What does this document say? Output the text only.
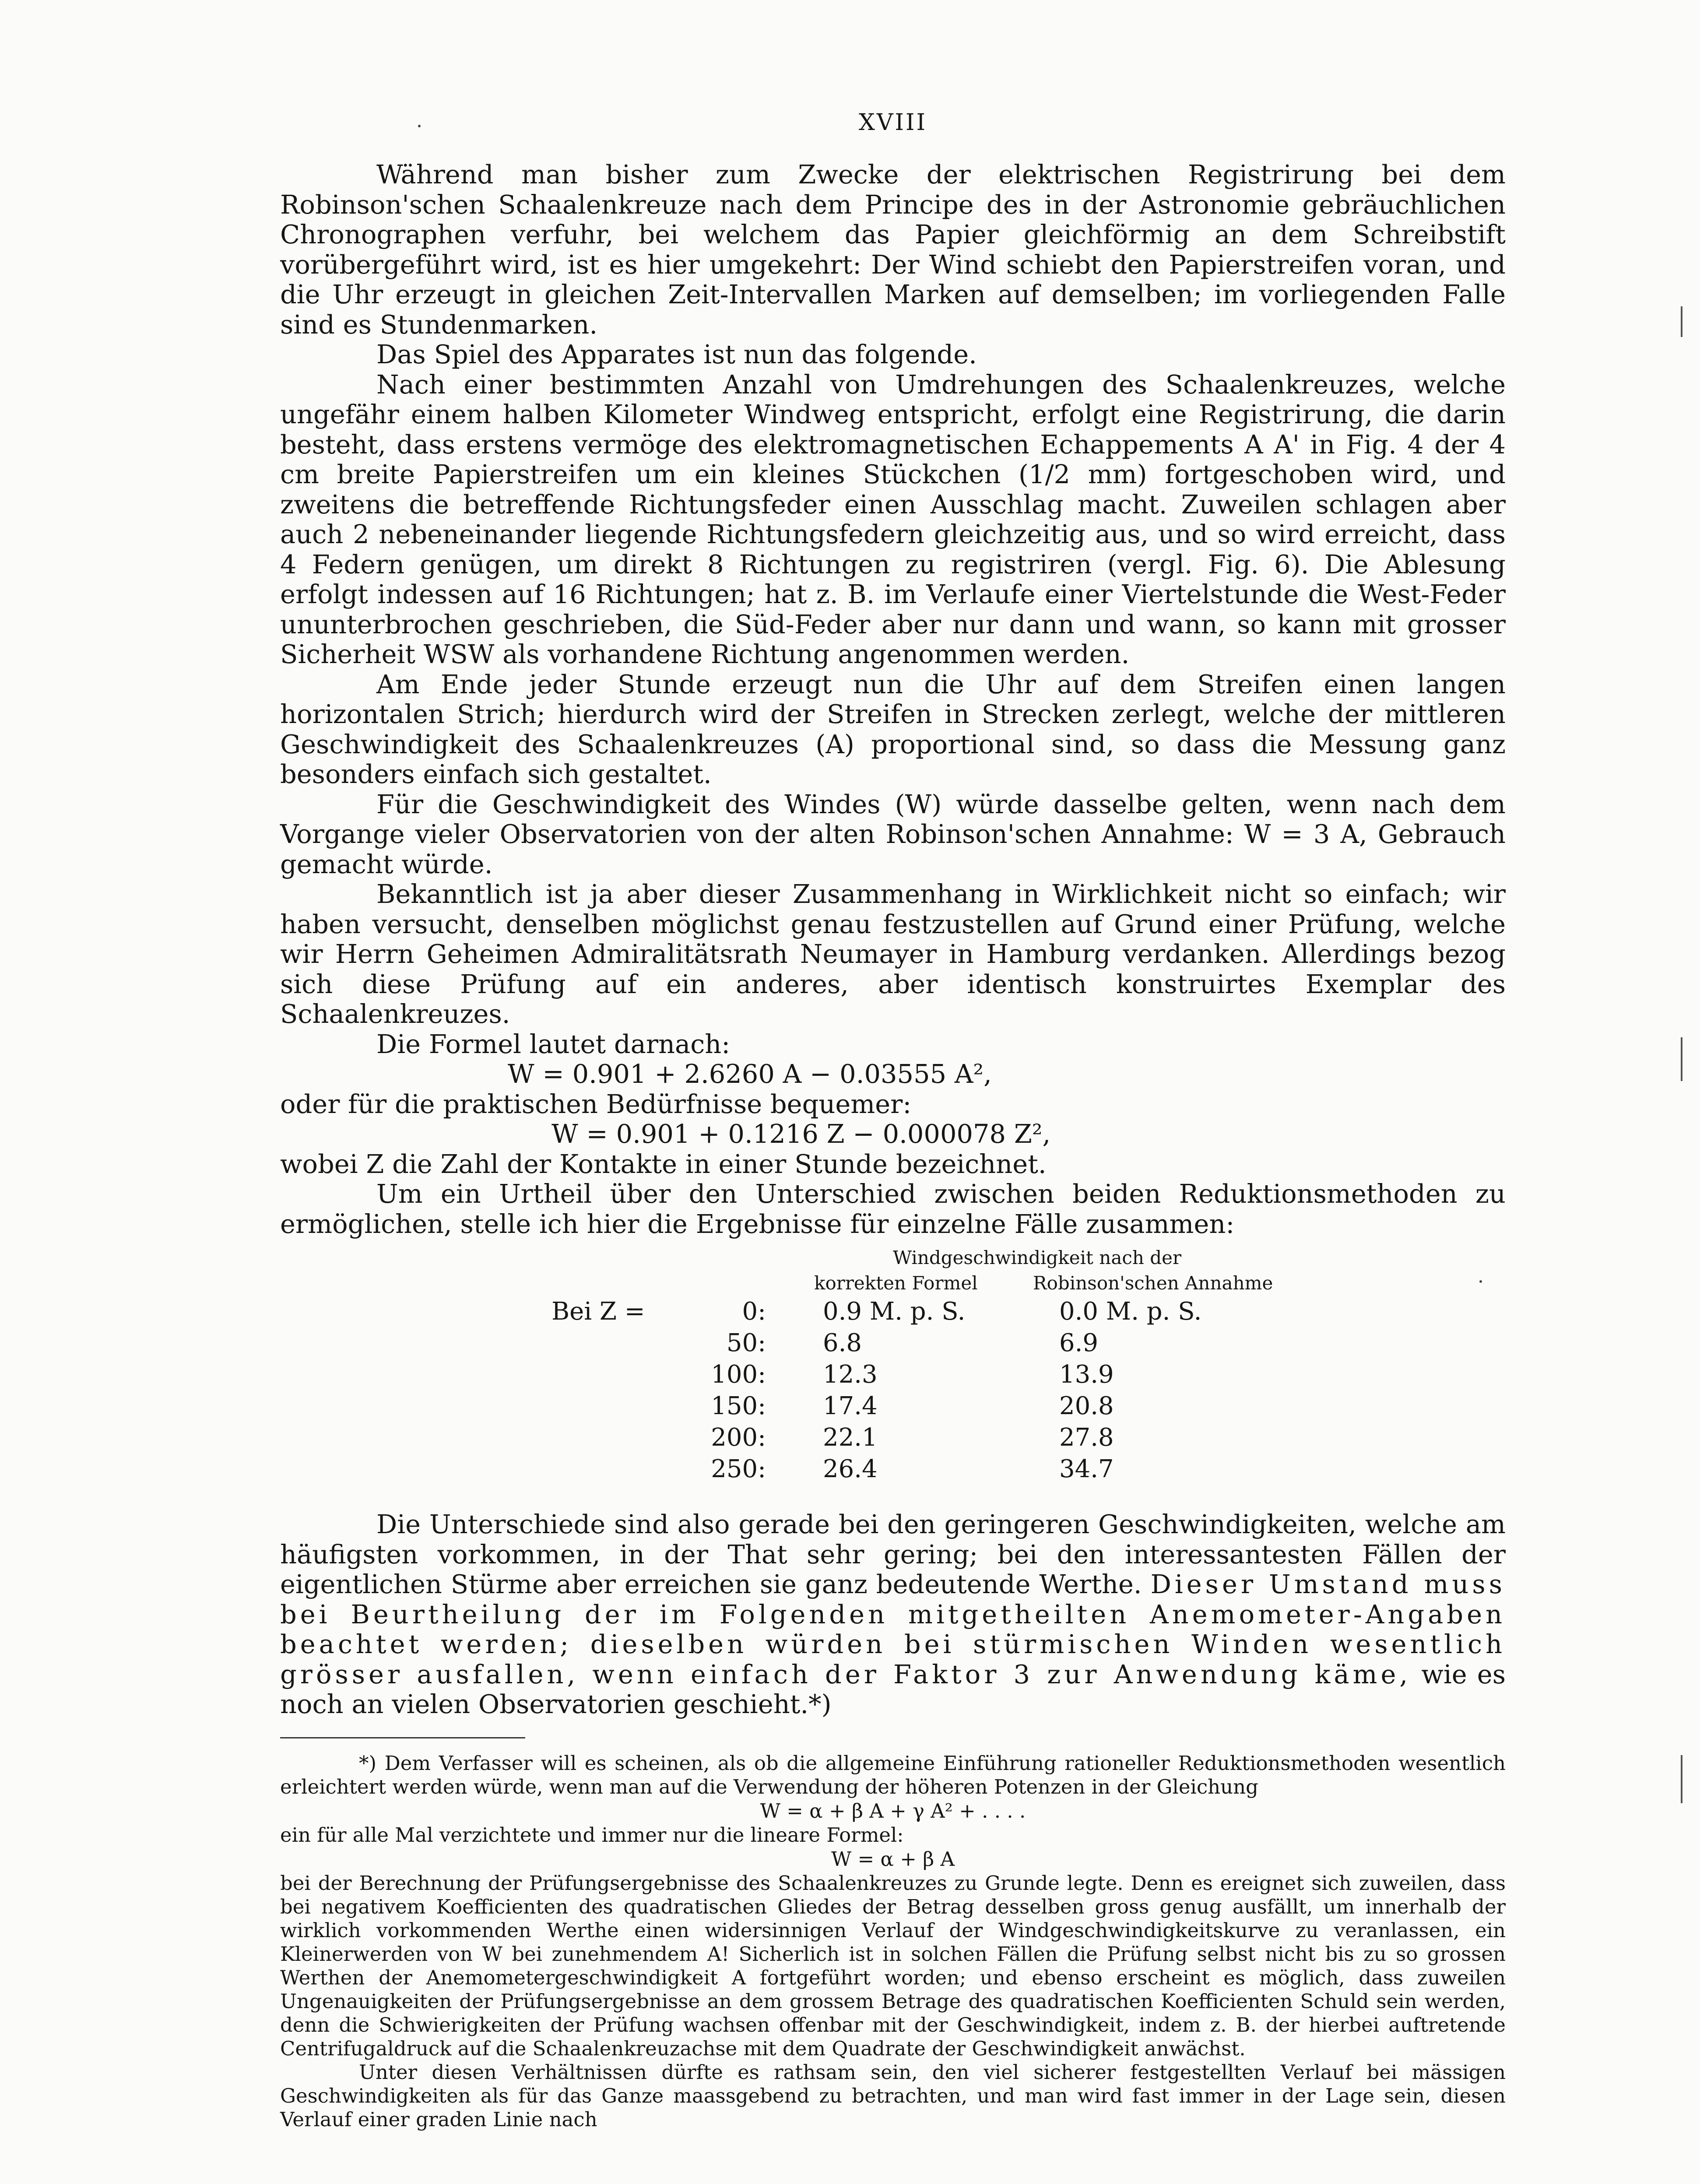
XVIII

Während man bisher zum Zwecke der elektrischen Registrirung bei dem Robinson'schen Schaalenkreuze nach dem Principe des in der Astronomie gebräuchlichen Chronographen verfuhr, bei welchem das Papier gleichförmig an dem Schreibstift vorübergeführt wird, ist es hier umgekehrt: Der Wind schiebt den Papierstreifen voran, und die Uhr erzeugt in gleichen Zeit-Intervallen Marken auf demselben; im vorliegenden Falle sind es Stundenmarken.

Das Spiel des Apparates ist nun das folgende.

Nach einer bestimmten Anzahl von Umdrehungen des Schaalenkreuzes, welche ungefähr einem halben Kilometer Windweg entspricht, erfolgt eine Registrirung, die darin besteht, dass erstens vermöge des elektromagnetischen Echappements A A' in Fig. 4 der 4 cm breite Papierstreifen um ein kleines Stückchen (1/2 mm) fortgeschoben wird, und zweitens die betreffende Richtungsfeder einen Ausschlag macht. Zuweilen schlagen aber auch 2 nebeneinander liegende Richtungsfedern gleichzeitig aus, und so wird erreicht, dass 4 Federn genügen, um direkt 8 Richtungen zu registriren (vergl. Fig. 6). Die Ablesung erfolgt indessen auf 16 Richtungen; hat z. B. im Verlaufe einer Viertelstunde die West-Feder ununterbrochen geschrieben, die Süd-Feder aber nur dann und wann, so kann mit grosser Sicherheit WSW als vorhandene Richtung angenommen werden.

Am Ende jeder Stunde erzeugt nun die Uhr auf dem Streifen einen langen horizontalen Strich; hierdurch wird der Streifen in Strecken zerlegt, welche der mittleren Geschwindigkeit des Schaalenkreuzes (A) proportional sind, so dass die Messung ganz besonders einfach sich gestaltet.

Für die Geschwindigkeit des Windes (W) würde dasselbe gelten, wenn nach dem Vorgange vieler Observatorien von der alten Robinson'schen Annahme: W = 3 A, Gebrauch gemacht würde.

Bekanntlich ist ja aber dieser Zusammenhang in Wirklichkeit nicht so einfach; wir haben versucht, denselben möglichst genau festzustellen auf Grund einer Prüfung, welche wir Herrn Geheimen Admiralitätsrath Neumayer in Hamburg verdanken. Allerdings bezog sich diese Prüfung auf ein anderes, aber identisch konstruirtes Exemplar des Schaalenkreuzes.

Die Formel lautet darnach:

W = 0.901 + 2.6260 A − 0.03555 A²,

oder für die praktischen Bedürfnisse bequemer:

W = 0.901 + 0.1216 Z − 0.000078 Z²,

wobei Z die Zahl der Kontakte in einer Stunde bezeichnet.

Um ein Urtheil über den Unterschied zwischen beiden Reduktionsmethoden zu ermöglichen, stelle ich hier die Ergebnisse für einzelne Fälle zusammen:

Windgeschwindigkeit nach der
korrekten Formel	Robinson'schen Annahme
Bei Z =	0: 0.9 M. p. S.	0.0 M. p. S.
50: 6.8	6.9
100: 12.3	13.9
150: 17.4	20.8
200: 22.1	27.8
250: 26.4	34.7

Die Unterschiede sind also gerade bei den geringeren Geschwindigkeiten, welche am häufigsten vorkommen, in der That sehr gering; bei den interessantesten Fällen der eigentlichen Stürme aber erreichen sie ganz bedeutende Werthe. Dieser Umstand muss bei Beurtheilung der im Folgenden mitgetheilten Anemometer-Angaben beachtet werden; dieselben würden bei stürmischen Winden wesentlich grösser ausfallen, wenn einfach der Faktor 3 zur Anwendung käme, wie es noch an vielen Observatorien geschieht.*)

*) Dem Verfasser will es scheinen, als ob die allgemeine Einführung rationeller Reduktionsmethoden wesentlich erleichtert werden würde, wenn man auf die Verwendung der höheren Potenzen in der Gleichung

W = α + β A + γ A² + . . . .

ein für alle Mal verzichtete und immer nur die lineare Formel:

W = α + β A

bei der Berechnung der Prüfungsergebnisse des Schaalenkreuzes zu Grunde legte. Denn es ereignet sich zuweilen, dass bei negativem Koefficienten des quadratischen Gliedes der Betrag desselben gross genug ausfällt, um innerhalb der wirklich vorkommenden Werthe einen widersinnigen Verlauf der Windgeschwindigkeitskurve zu veranlassen, ein Kleinerwerden von W bei zunehmendem A! Sicherlich ist in solchen Fällen die Prüfung selbst nicht bis zu so grossen Werthen der Anemometergeschwindigkeit A fortgeführt worden; und ebenso erscheint es möglich, dass zuweilen Ungenauigkeiten der Prüfungsergebnisse an dem grossem Betrage des quadratischen Koefficienten Schuld sein werden, denn die Schwierigkeiten der Prüfung wachsen offenbar mit der Geschwindigkeit, indem z. B. der hierbei auftretende Centrifugaldruck auf die Schaalenkreuzachse mit dem Quadrate der Geschwindigkeit anwächst.

Unter diesen Verhältnissen dürfte es rathsam sein, den viel sicherer festgestellten Verlauf bei mässigen Geschwindigkeiten als für das Ganze maassgebend zu betrachten, und man wird fast immer in der Lage sein, diesen Verlauf einer graden Linie nach
